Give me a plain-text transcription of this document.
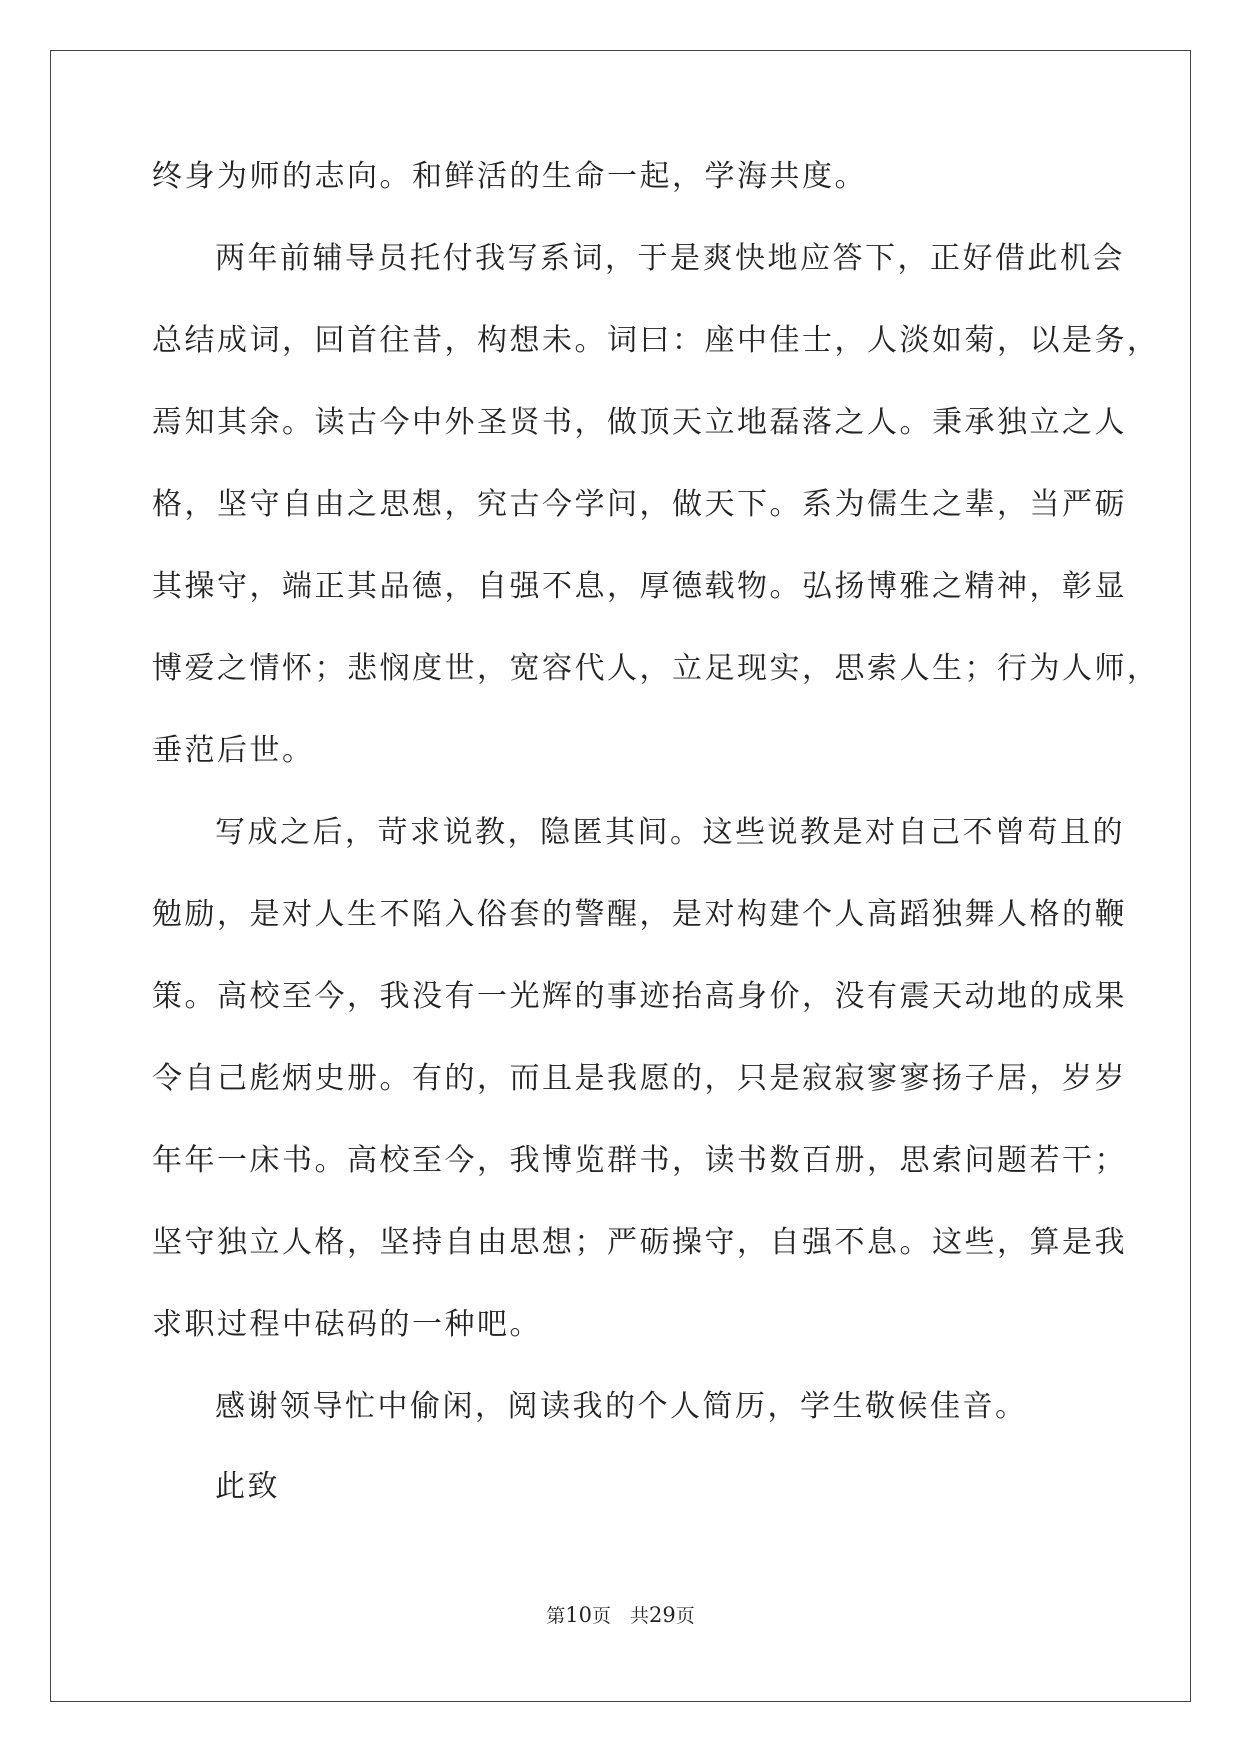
终身为师的志向。和鲜活的生命一起，学海共度。
两年前辅导员托付我写系词，于是爽快地应答下，正好借此机会
总结成词，回首往昔，构想未。词曰：座中佳士，人淡如菊，以是务，
焉知其余。读古今中外圣贤书，做顶天立地磊落之人。秉承独立之人
格，坚守自由之思想，究古今学问，做天下。系为儒生之辈，当严砺
其操守，端正其品德，自强不息，厚德载物。弘扬博雅之精神，彰显
博爱之情怀；悲悯度世，宽容代人，立足现实，思索人生；行为人师，
垂范后世。
写成之后，苛求说教，隐匿其间。这些说教是对自己不曾苟且的
勉励，是对人生不陷入俗套的警醒，是对构建个人高蹈独舞人格的鞭
策。高校至今，我没有一光辉的事迹抬高身价，没有震天动地的成果
令自己彪炳史册。有的，而且是我愿的，只是寂寂寥寥扬子居，岁岁
年年一床书。高校至今，我博览群书，读书数百册，思索问题若干；
坚守独立人格，坚持自由思想；严砺操守，自强不息。这些，算是我
求职过程中砝码的一种吧。
感谢领导忙中偷闲，阅读我的个人简历，学生敬候佳音。
此致
第10页　共29页
